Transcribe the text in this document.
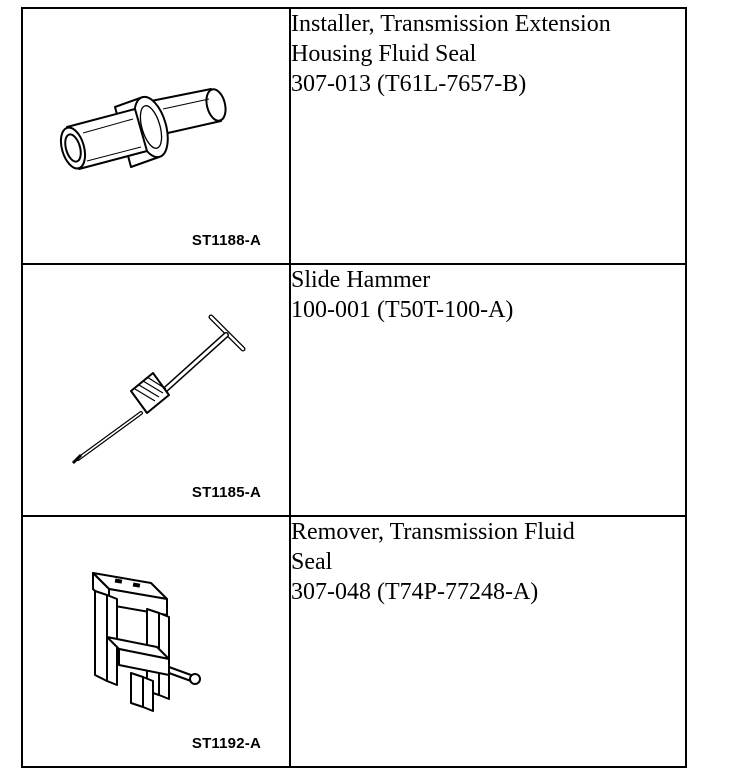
ST1188-A	Installer, Transmission Extension
Housing Fluid Seal
307-013 (T61L-7657-B)

ST1185-A	Slide Hammer
100-001 (T50T-100-A)

ST1192-A	Remover, Transmission Fluid
Seal
307-048 (T74P-77248-A)
